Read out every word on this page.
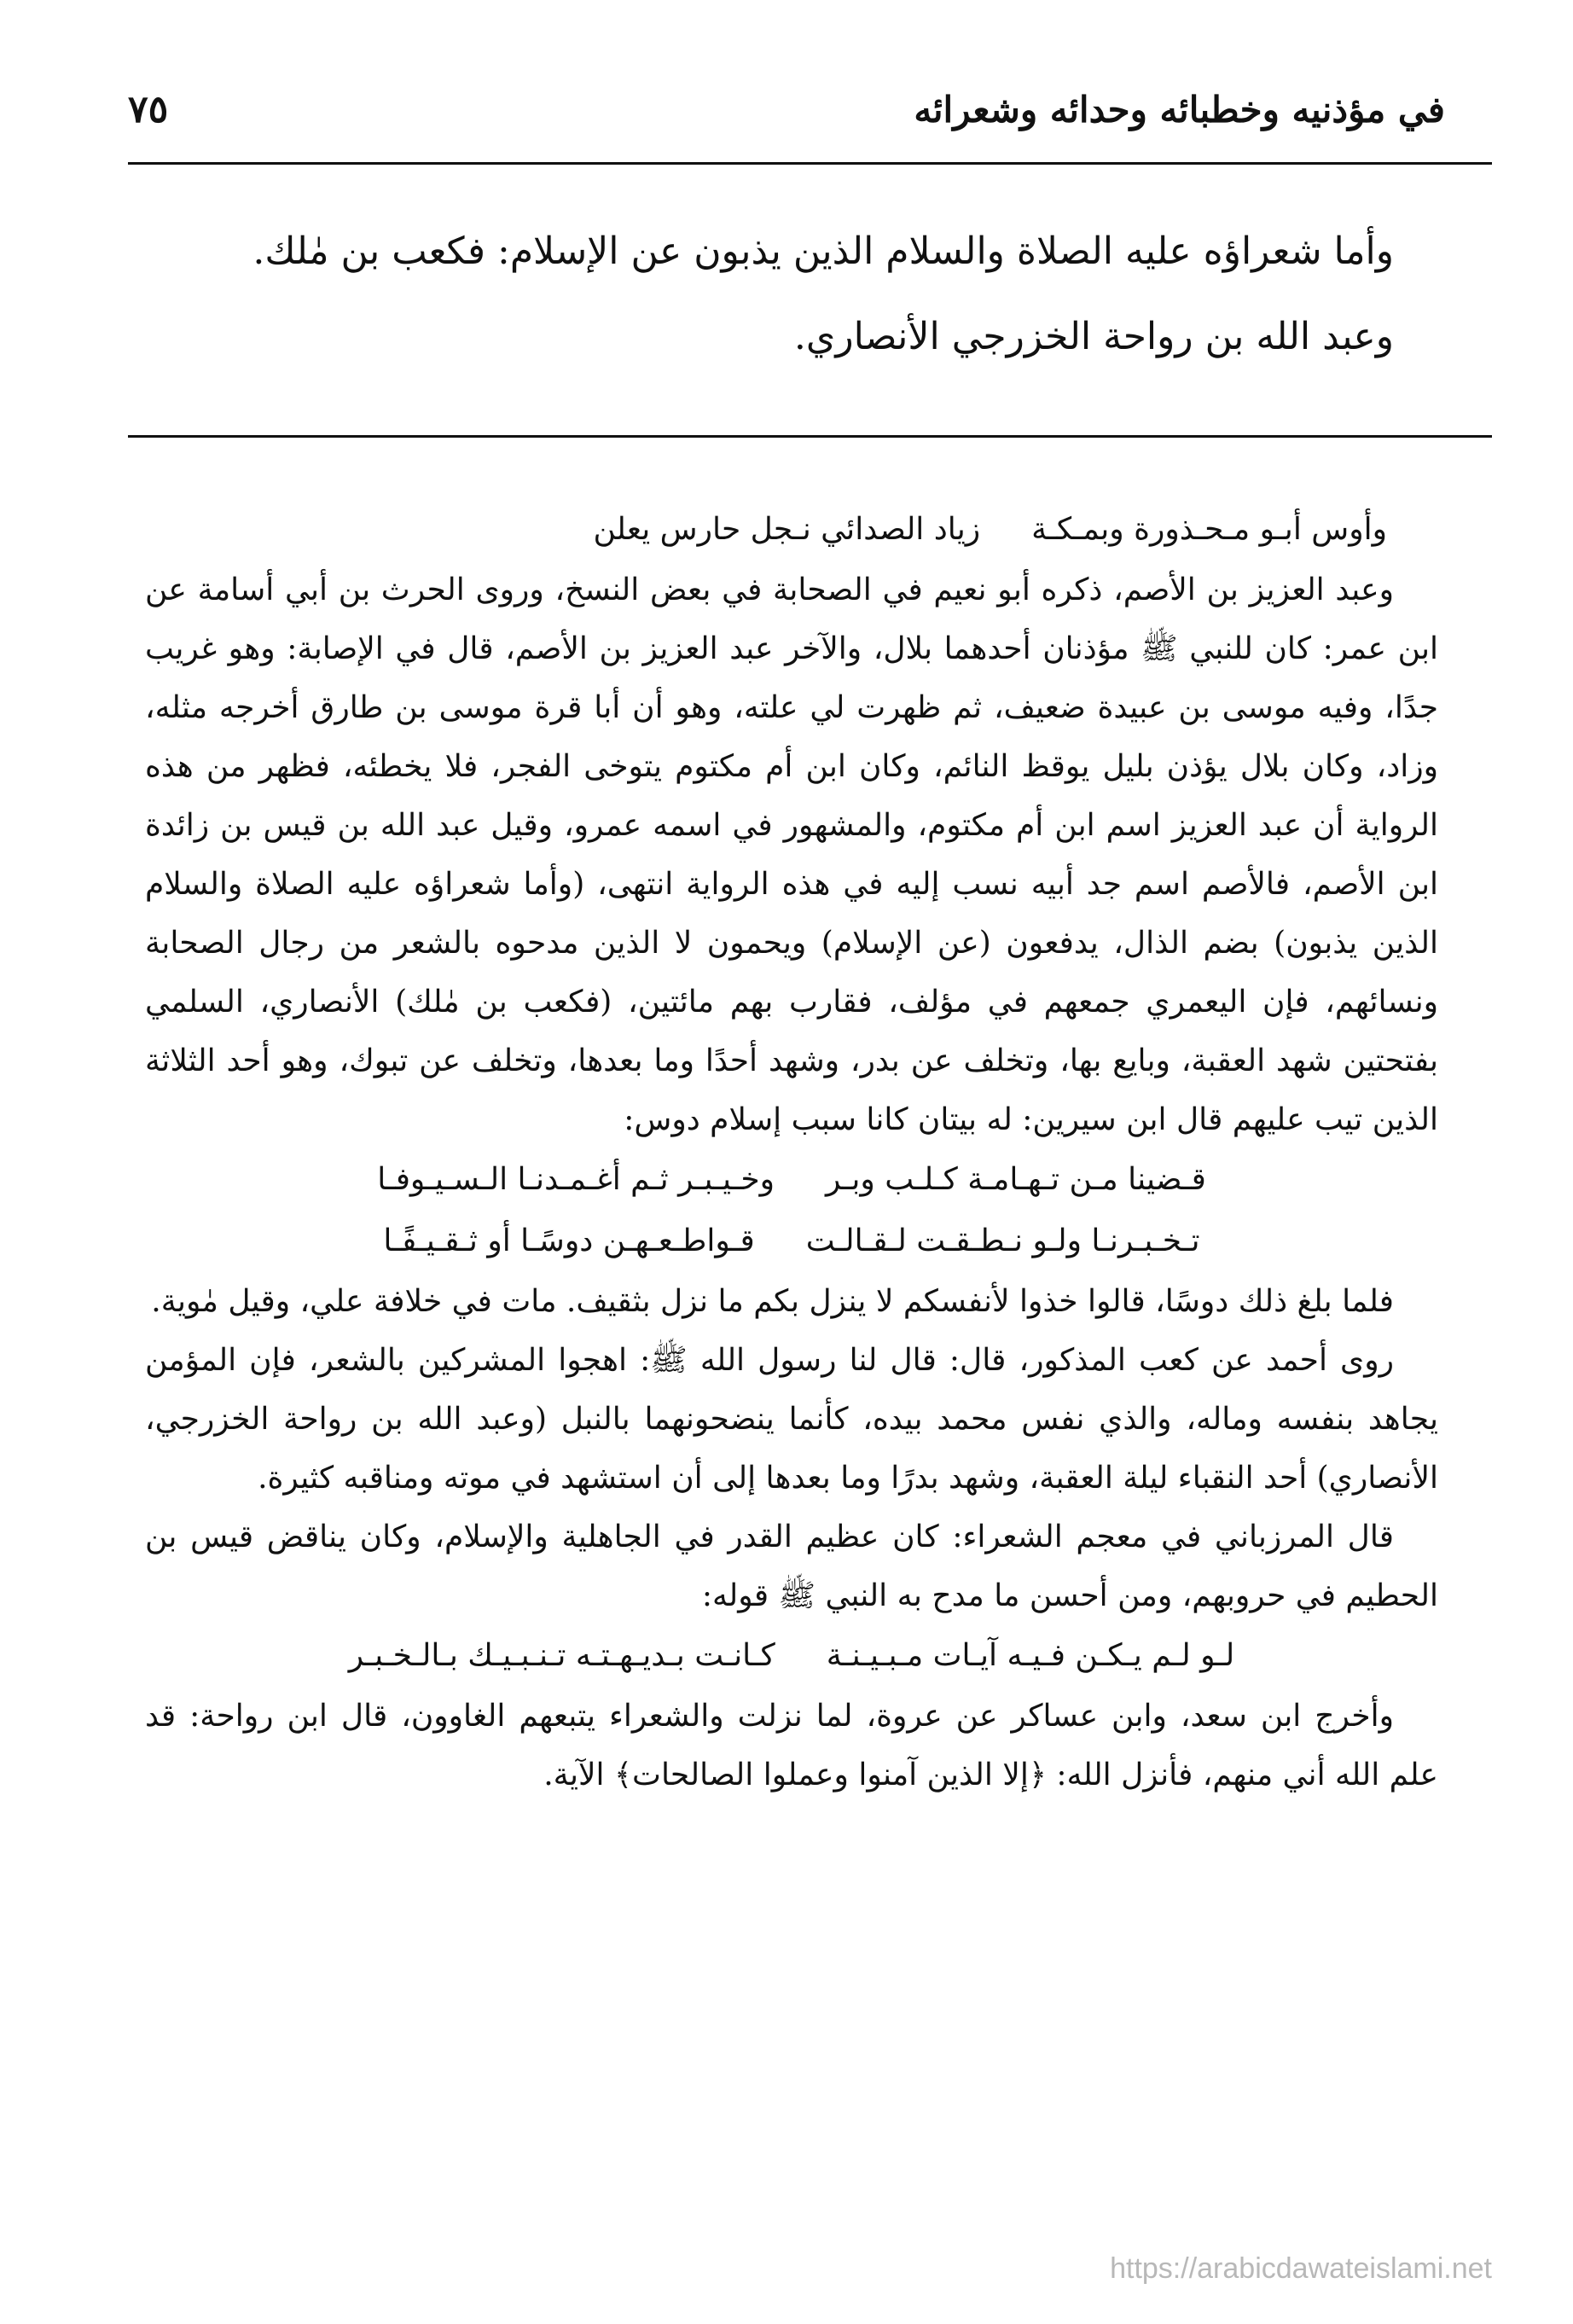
في مؤذنيه وخطبائه وحدائه وشعرائه
٧٥

وأما شعراؤه عليه الصلاة والسلام الذين يذبون عن الإسلام: فكعب بن مٰلك.

وعبد الله بن رواحة الخزرجي الأنصاري.

وأوس أبـو مـحـذورة وبمـكـة
زياد الصدائي نـجل حارس يعلن

وعبد العزيز بن الأصم، ذكره أبو نعيم في الصحابة في بعض النسخ، وروى الحرث بن أبي أسامة عن ابن عمر: كان للنبي ﷺ مؤذنان أحدهما بلال، والآخر عبد العزيز بن الأصم، قال في الإصابة: وهو غريب جدًا، وفيه موسى بن عبيدة ضعيف، ثم ظهرت لي علته، وهو أن أبا قرة موسى بن طارق أخرجه مثله، وزاد، وكان بلال يؤذن بليل يوقظ النائم، وكان ابن أم مكتوم يتوخى الفجر، فلا يخطئه، فظهر من هذه الرواية أن عبد العزيز اسم ابن أم مكتوم، والمشهور في اسمه عمرو، وقيل عبد الله بن قيس بن زائدة ابن الأصم، فالأصم اسم جد أبيه نسب إليه في هذه الرواية انتهى، (وأما شعراؤه عليه الصلاة والسلام الذين يذبون) بضم الذال، يدفعون (عن الإسلام) ويحمون لا الذين مدحوه بالشعر من رجال الصحابة ونسائهم، فإن اليعمري جمعهم في مؤلف، فقارب بهم مائتين، (فكعب بن مٰلك) الأنصاري، السلمي بفتحتين شهد العقبة، وبايع بها، وتخلف عن بدر، وشهد أحدًا وما بعدها، وتخلف عن تبوك، وهو أحد الثلاثة الذين تيب عليهم قال ابن سيرين: له بيتان كانا سبب إسلام دوس:

قـضينا مـن تـهـامـة كـلـب وبـر
وخـيـبـر ثـم أغـمـدنـا الـسـيـوفـا
تـخـبـرنـا ولـو نـطـقـت لـقـالـت
قـواطـعـهـن دوسًـا أو ثـقـيـفًـا

فلما بلغ ذلك دوسًا، قالوا خذوا لأنفسكم لا ينزل بكم ما نزل بثقيف. مات في خلافة علي، وقيل مٰوية.

روى أحمد عن كعب المذكور، قال: قال لنا رسول الله ﷺ: اهجوا المشركين بالشعر، فإن المؤمن يجاهد بنفسه وماله، والذي نفس محمد بيده، كأنما ينضحونهما بالنبل (وعبد الله بن رواحة الخزرجي، الأنصاري) أحد النقباء ليلة العقبة، وشهد بدرًا وما بعدها إلى أن استشهد في موته ومناقبه كثيرة.

قال المرزباني في معجم الشعراء: كان عظيم القدر في الجاهلية والإسلام، وكان يناقض قيس بن الحطيم في حروبهم، ومن أحسن ما مدح به النبي ﷺ قوله:

لـو لـم يـكـن فـيـه آيـات مـبـيـنـة
كـانـت بـديـهـتـه تـنـبـيـك بـالـخـبـر

وأخرج ابن سعد، وابن عساكر عن عروة، لما نزلت والشعراء يتبعهم الغاوون، قال ابن رواحة: قد علم الله أني منهم، فأنزل الله: ﴿إلا الذين آمنوا وعملوا الصالحات﴾ الآية.

https://arabicdawateislami.net
